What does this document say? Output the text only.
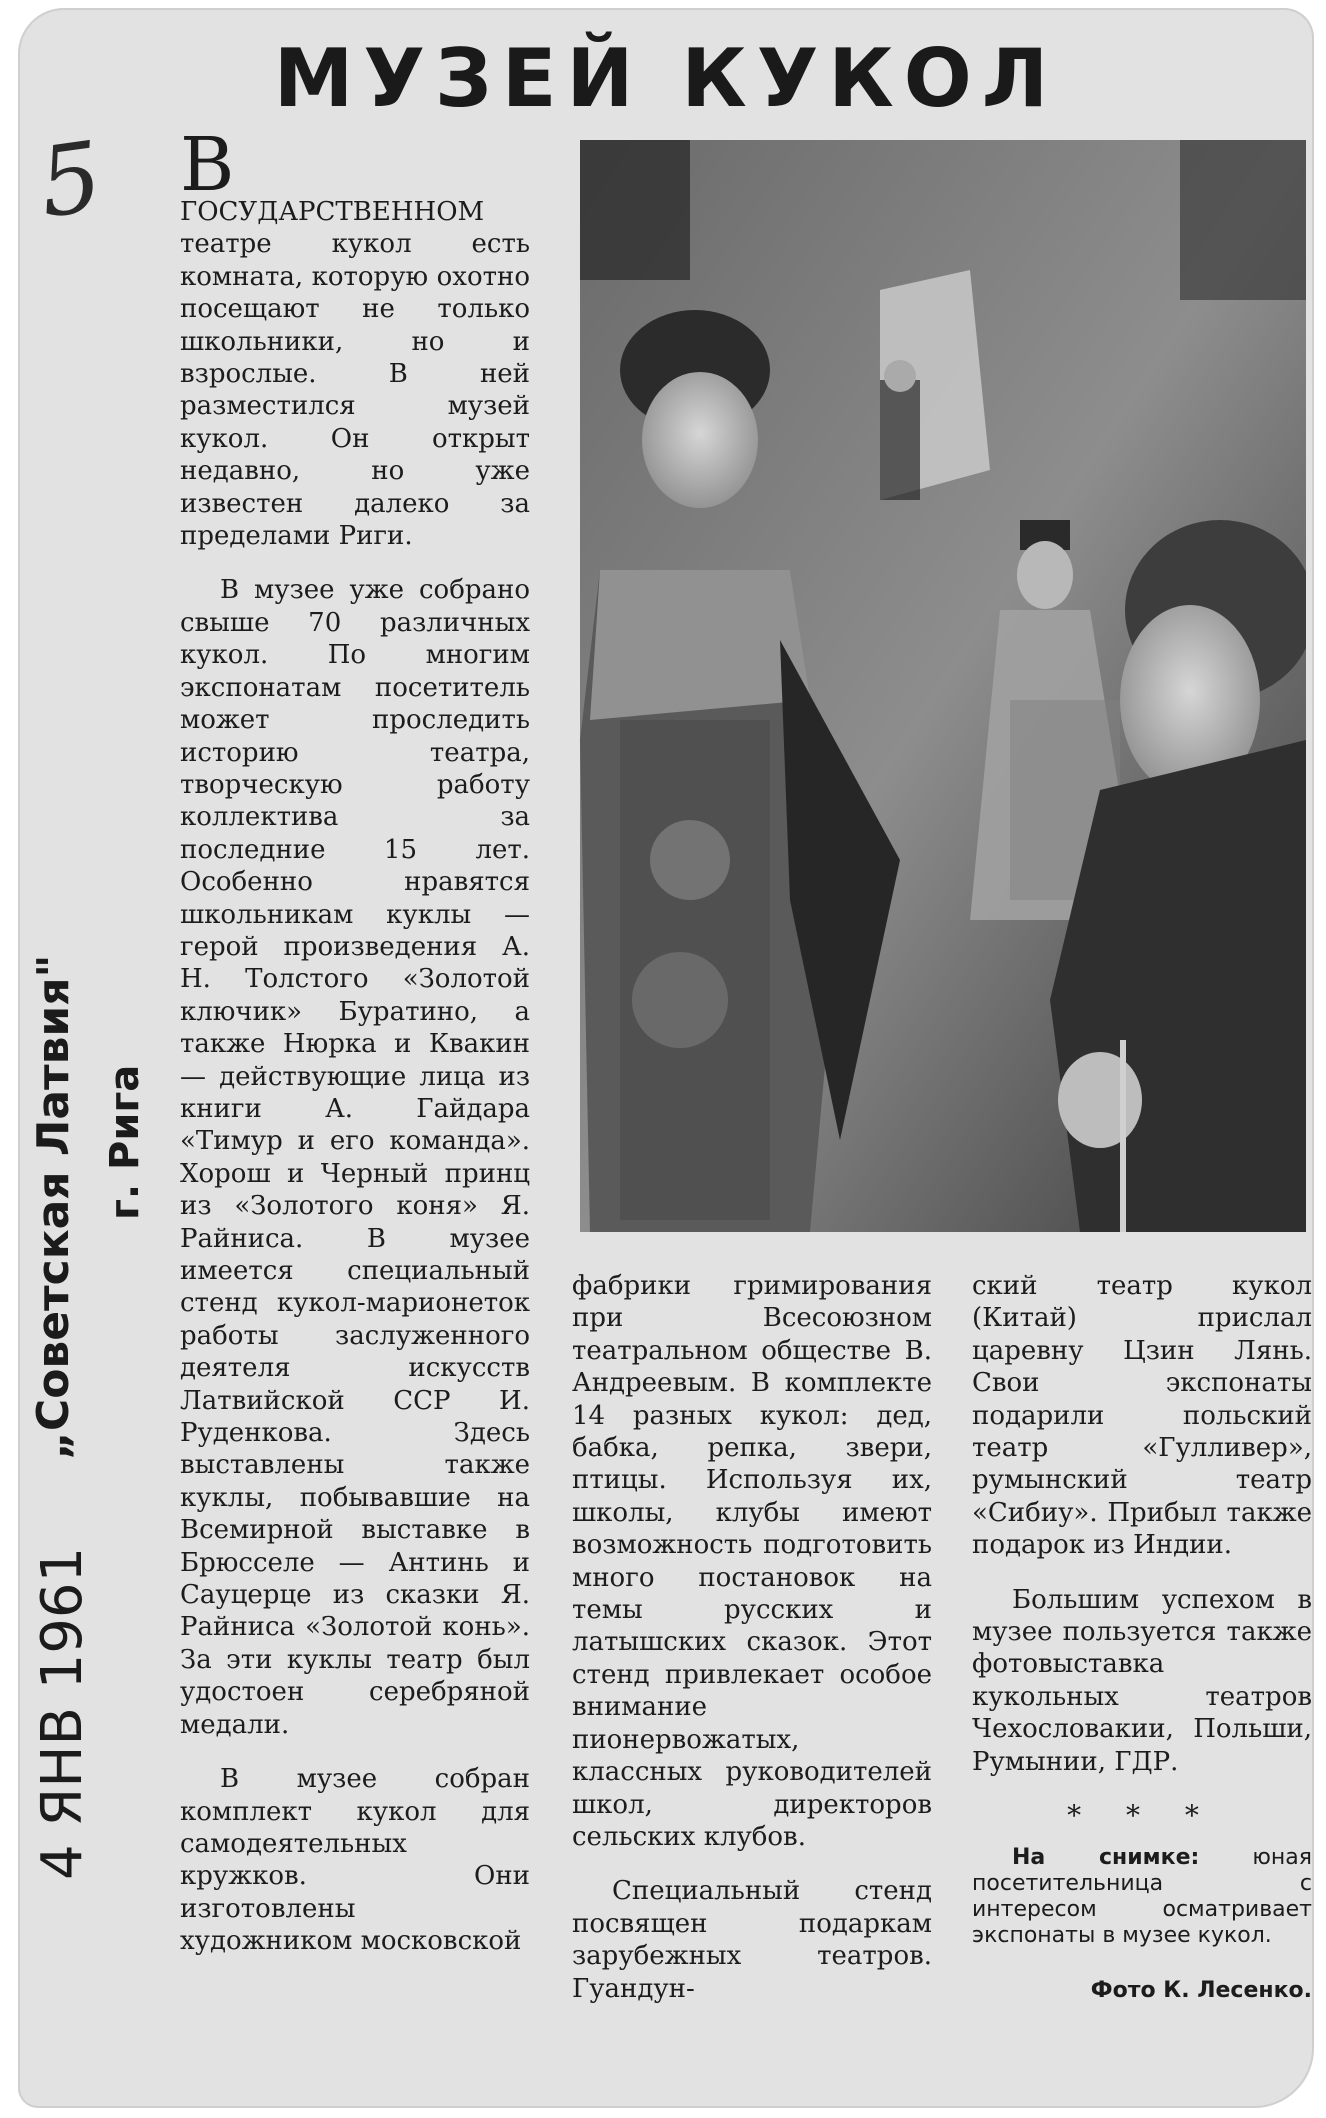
МУЗЕЙ КУКОЛ
5
4 ЯНВ 1961
„Советская Латвия" г. Рига

В
ГОСУДАРСТВЕННОМ театре кукол есть комната, которую охотно посещают не только школьники, но и взрослые. В ней разместился музей кукол. Он открыт недавно, но уже известен далеко за пределами Риги.

В музее уже собрано свыше 70 различных кукол. По многим экспонатам посетитель может проследить историю театра, творческую работу коллектива за последние 15 лет. Особенно нравятся школьникам куклы — герой произведения А. Н. Толстого «Золотой ключик» Буратино, а также Нюрка и Квакин — действующие лица из книги А. Гайдара «Тимур и его команда». Хорош и Черный принц из «Золотого коня» Я. Райниса. В музее имеется специальный стенд кукол-марионеток работы заслуженного деятеля искусств Латвийской ССР И. Руденкова. Здесь выставлены также куклы, побывавшие на Всемирной выставке в Брюсселе — Антинь и Сауцерце из сказки Я. Райниса «Золотой конь». За эти куклы театр был удостоен серебряной медали.

В музее собран комплект кукол для самодеятельных кружков. Они изготовлены художником московской

фабрики гримирования при Всесоюзном театральном обществе В. Андреевым. В комплекте 14 разных кукол: дед, бабка, репка, звери, птицы. Используя их, школы, клубы имеют возможность подготовить много постановок на темы русских и латышских сказок. Этот стенд привлекает особое внимание пионервожатых, классных руководителей школ, директоров сельских клубов.

Специальный стенд посвящен подаркам зарубежных театров. Гуандун-

ский театр кукол (Китай) прислал царевну Цзин Лянь. Свои экспонаты подарили польский театр «Гулливер», румынский театр «Сибиу». Прибыл также подарок из Индии.

Большим успехом в музее пользуется также фотовыставка кукольных театров Чехословакии, Польши, Румынии, ГДР.

* * *

На снимке: юная посетительница с интересом осматривает экспонаты в музее кукол.

Фото К. Лесенко.
